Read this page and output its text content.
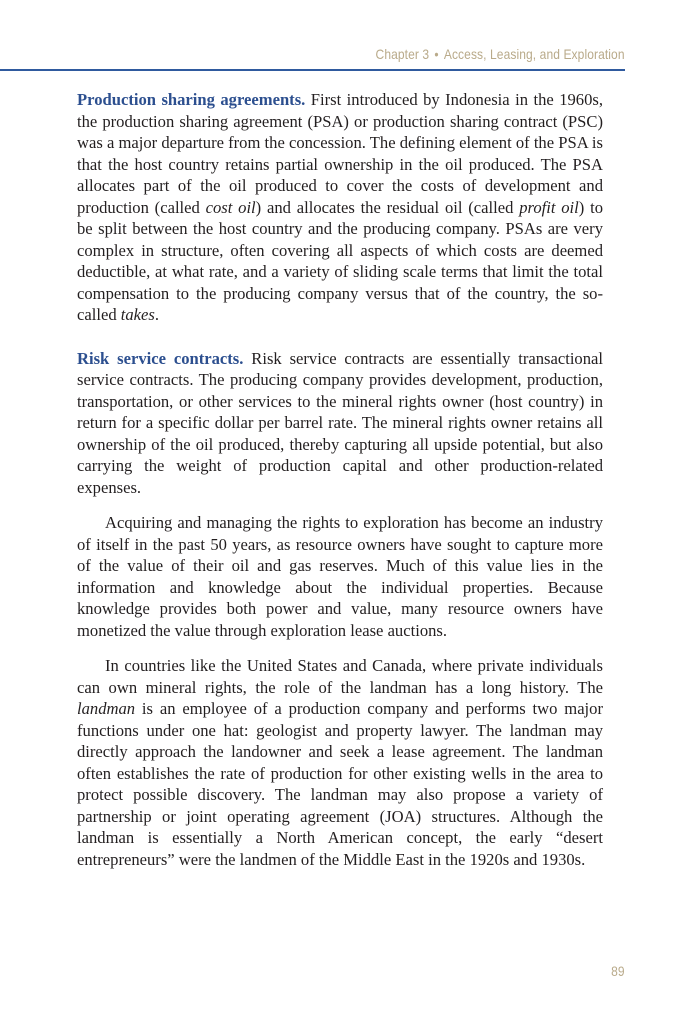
Chapter 3 • Access, Leasing, and Exploration

Production sharing agreements. First introduced by Indonesia in the 1960s, the production sharing agreement (PSA) or production sharing contract (PSC) was a major departure from the concession. The defining element of the PSA is that the host country retains partial ownership in the oil produced. The PSA allocates part of the oil produced to cover the costs of development and production (called cost oil) and allocates the residual oil (called profit oil) to be split between the host country and the producing company. PSAs are very complex in structure, often covering all aspects of which costs are deemed deductible, at what rate, and a variety of sliding scale terms that limit the total compensation to the producing company versus that of the country, the so-called takes.

Risk service contracts. Risk service contracts are essentially transactional service contracts. The producing company provides development, production, transportation, or other services to the mineral rights owner (host country) in return for a specific dollar per barrel rate. The mineral rights owner retains all ownership of the oil produced, thereby capturing all upside potential, but also carrying the weight of production capital and other production-related expenses.

Acquiring and managing the rights to exploration has become an industry of itself in the past 50 years, as resource owners have sought to capture more of the value of their oil and gas reserves. Much of this value lies in the information and knowledge about the individual properties. Because knowledge provides both power and value, many resource owners have monetized the value through exploration lease auctions.

In countries like the United States and Canada, where private individuals can own mineral rights, the role of the landman has a long history. The landman is an employee of a production company and performs two major functions under one hat: geologist and property lawyer. The landman may directly approach the landowner and seek a lease agreement. The landman often establishes the rate of production for other existing wells in the area to protect possible discovery. The landman may also propose a variety of partnership or joint operating agreement (JOA) structures. Although the landman is essentially a North American concept, the early “desert entrepreneurs” were the landmen of the Middle East in the 1920s and 1930s.

89
